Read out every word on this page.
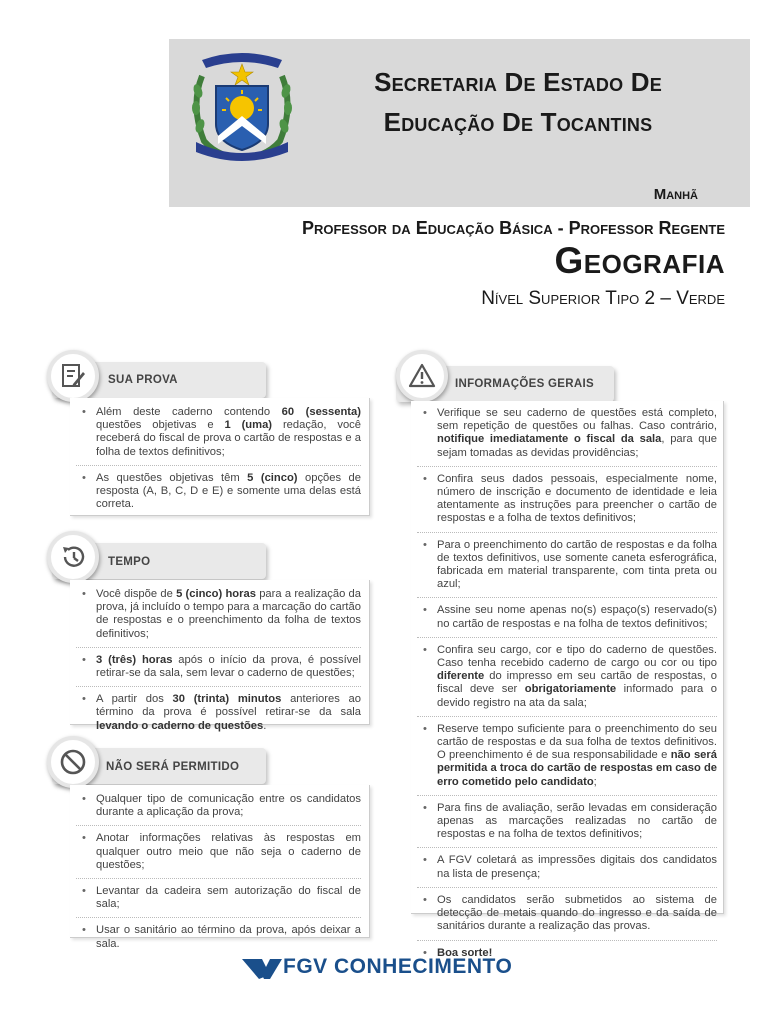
Secretaria De Estado De
Educação De Tocantins
Manhã
Professor da Educação Básica - Professor Regente
Geografia
Nível Superior Tipo 2 – Verde
SUA PROVA
• Além deste caderno contendo 60 (sessenta) questões objetivas e 1 (uma) redação, você receberá do fiscal de prova o cartão de respostas e a folha de textos definitivos;
• As questões objetivas têm 5 (cinco) opções de resposta (A, B, C, D e E) e somente uma delas está correta.
TEMPO
• Você dispõe de 5 (cinco) horas para a realização da prova, já incluído o tempo para a marcação do cartão de respostas e o preenchimento da folha de textos definitivos;
• 3 (três) horas após o início da prova, é possível retirar-se da sala, sem levar o caderno de questões;
• A partir dos 30 (trinta) minutos anteriores ao término da prova é possível retirar-se da sala levando o caderno de questões.
NÃO SERÁ PERMITIDO
• Qualquer tipo de comunicação entre os candidatos durante a aplicação da prova;
• Anotar informações relativas às respostas em qualquer outro meio que não seja o caderno de questões;
• Levantar da cadeira sem autorização do fiscal de sala;
• Usar o sanitário ao término da prova, após deixar a sala.
INFORMAÇÕES GERAIS
• Verifique se seu caderno de questões está completo, sem repetição de questões ou falhas. Caso contrário, notifique imediatamente o fiscal da sala, para que sejam tomadas as devidas providências;
• Confira seus dados pessoais, especialmente nome, número de inscrição e documento de identidade e leia atentamente as instruções para preencher o cartão de respostas e a folha de textos definitivos;
• Para o preenchimento do cartão de respostas e da folha de textos definitivos, use somente caneta esferográfica, fabricada em material transparente, com tinta preta ou azul;
• Assine seu nome apenas no(s) espaço(s) reservado(s) no cartão de respostas e na folha de textos definitivos;
• Confira seu cargo, cor e tipo do caderno de questões. Caso tenha recebido caderno de cargo ou cor ou tipo diferente do impresso em seu cartão de respostas, o fiscal deve ser obrigatoriamente informado para o devido registro na ata da sala;
• Reserve tempo suficiente para o preenchimento do seu cartão de respostas e da sua folha de textos definitivos. O preenchimento é de sua responsabilidade e não será permitida a troca do cartão de respostas em caso de erro cometido pelo candidato;
• Para fins de avaliação, serão levadas em consideração apenas as marcações realizadas no cartão de respostas e na folha de textos definitivos;
• A FGV coletará as impressões digitais dos candidatos na lista de presença;
• Os candidatos serão submetidos ao sistema de detecção de metais quando do ingresso e da saída de sanitários durante a realização das provas.
• Boa sorte!
FGV CONHECIMENTO
